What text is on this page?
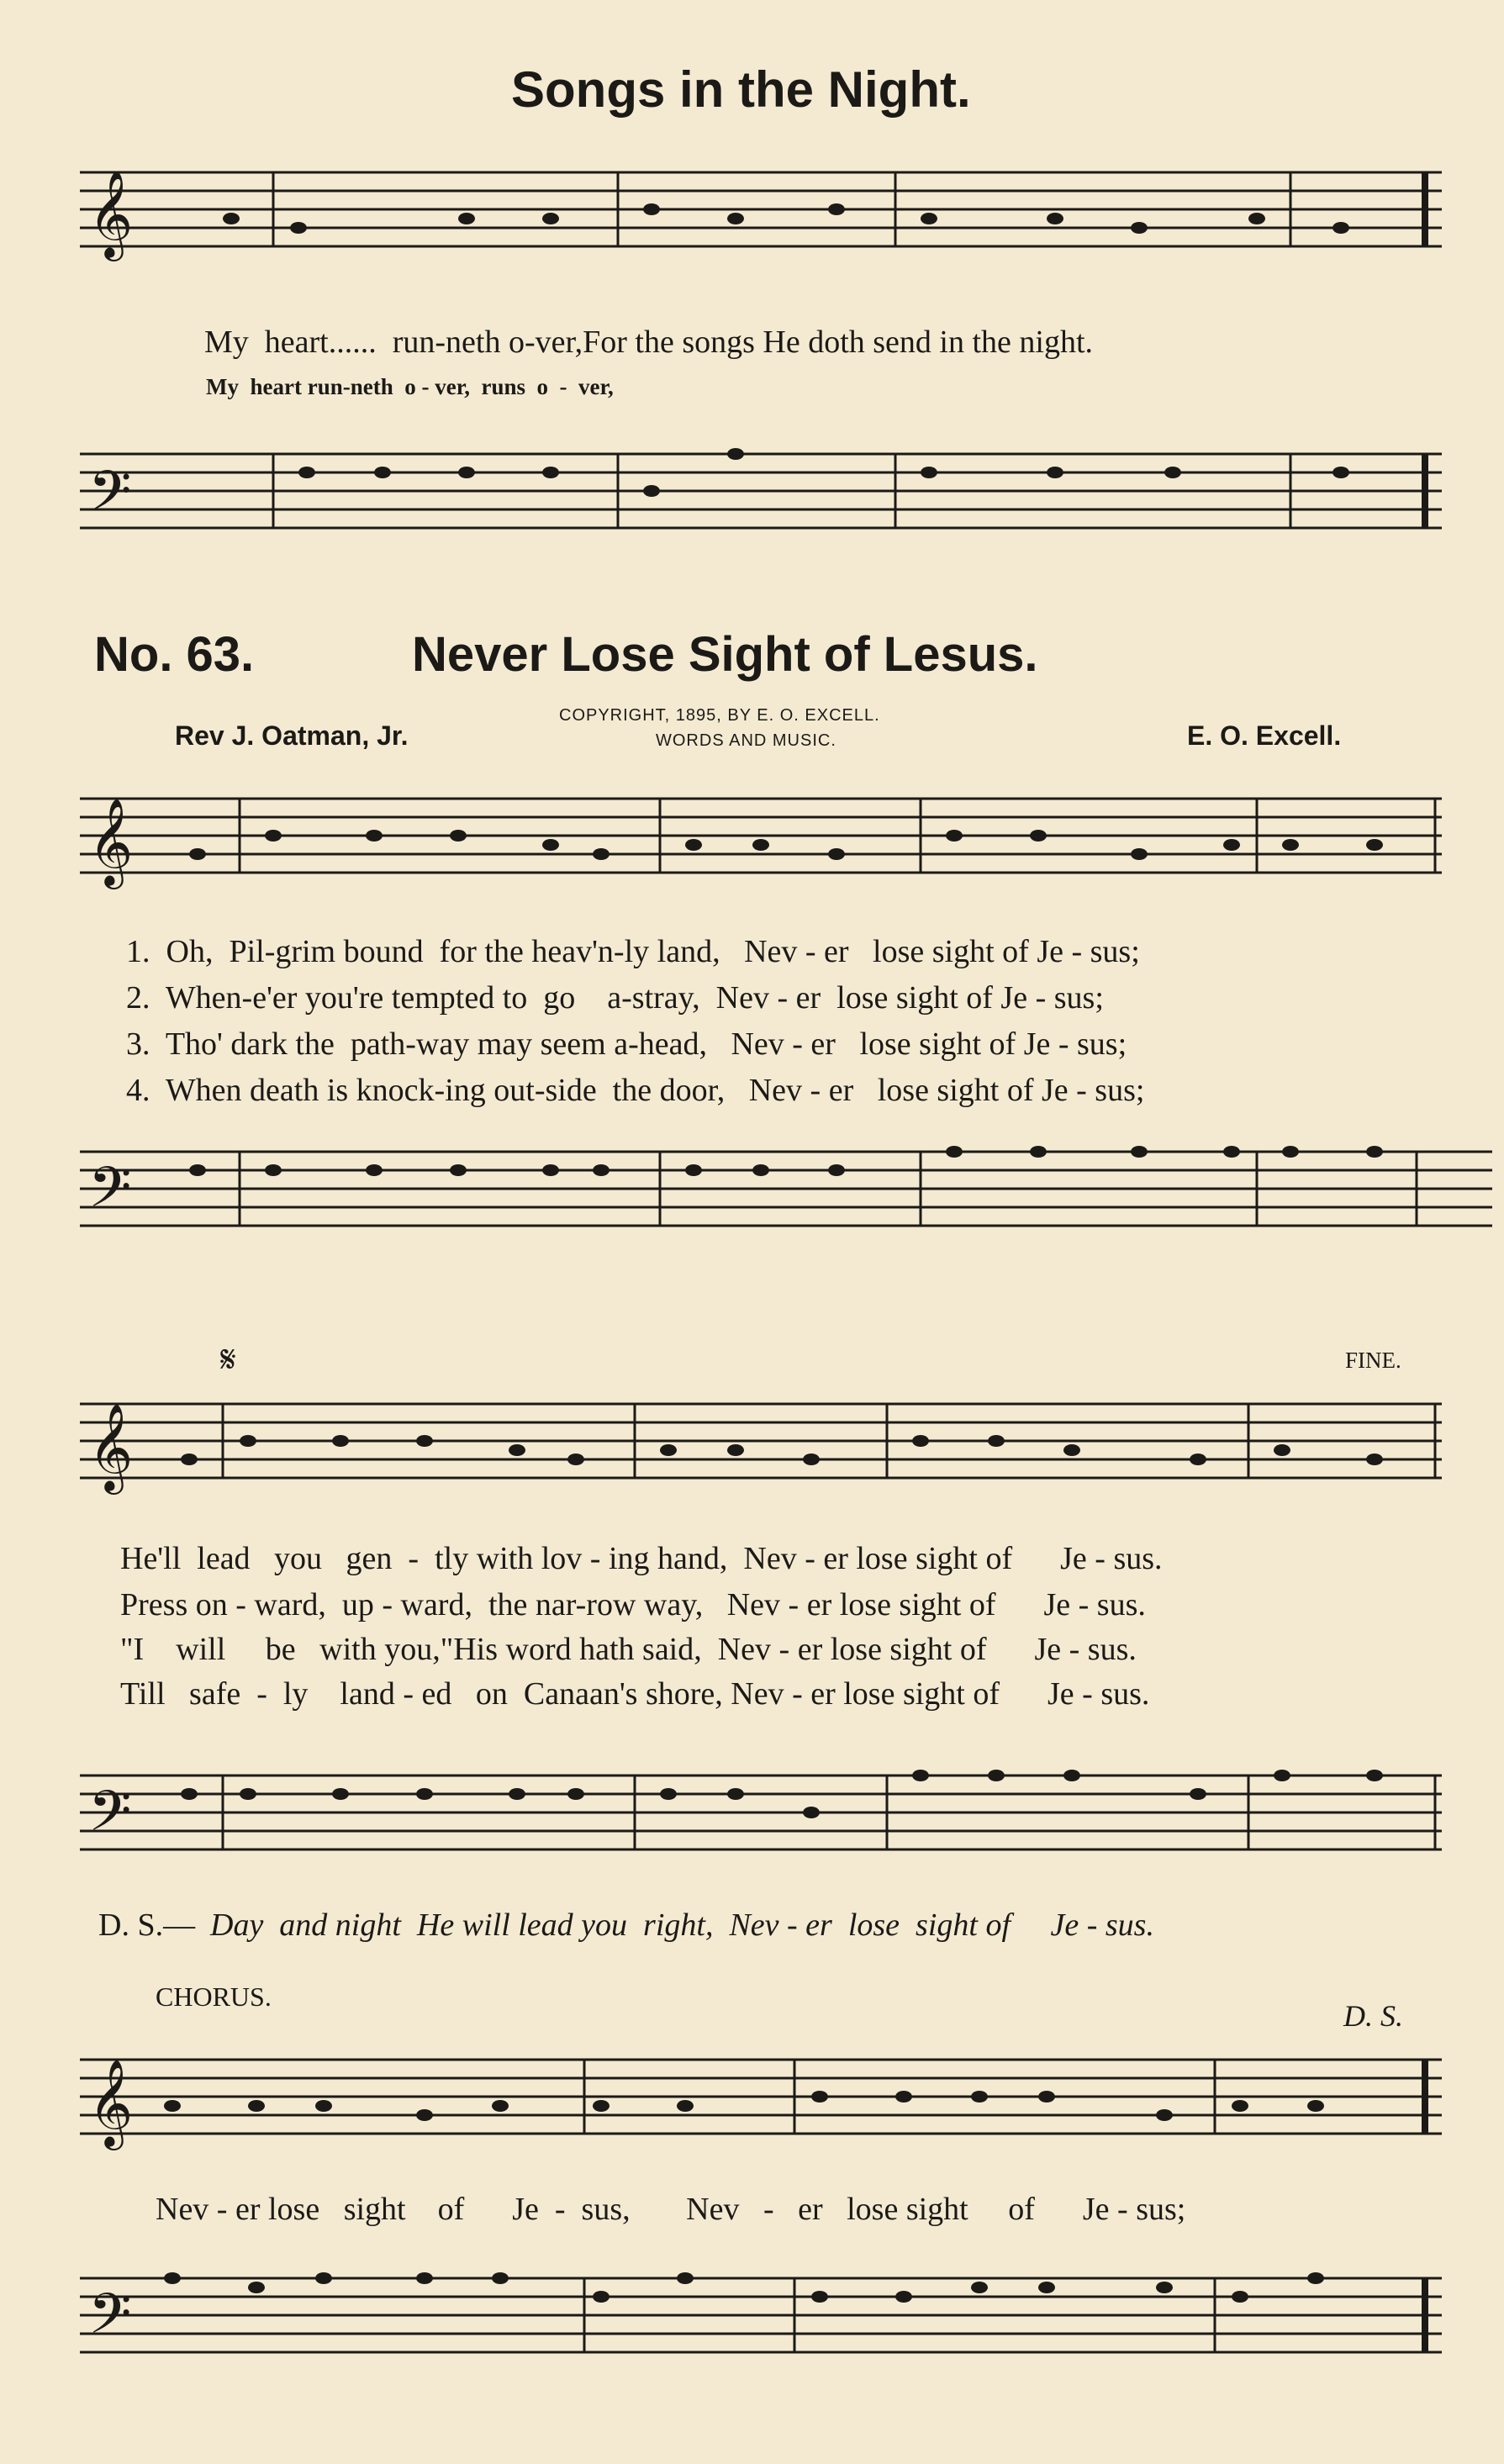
Songs in the Night.
𝄞
My  heart......  run-neth o-ver,For the songs He doth send in the night.
My  heart run-neth  o - ver,  runs  o  -  ver,
𝄢
No. 63.	Never Lose Sight of Lesus.
COPYRIGHT, 1895, BY E. O. EXCELL.
WORDS AND MUSIC.
Rev J. Oatman, Jr.	E. O. Excell.
𝄞
1.  Oh,  Pil-grim bound  for the heav'n-ly land,   Nev - er   lose sight of Je - sus;
2.  When-e'er you're tempted to  go    a-stray,  Nev - er  lose sight of Je - sus;
3.  Tho' dark the  path-way may seem a-head,   Nev - er   lose sight of Je - sus;
4.  When death is knock-ing out-side  the door,   Nev - er   lose sight of Je - sus;
𝄢
𝄋	FINE.
𝄞
He'll  lead   you   gen  -  tly with lov - ing hand,  Nev - er lose sight of      Je - sus.
Press on - ward,  up - ward,  the nar-row way,   Nev - er lose sight of      Je - sus.
"I    will     be   with you,"His word hath said,  Nev - er lose sight of      Je - sus.
Till   safe  -  ly    land - ed   on  Canaan's shore, Nev - er lose sight of      Je - sus.
𝄢
D. S.— Day  and night  He will lead you  right,  Nev - er  lose  sight of     Je - sus.
CHORUS.
D. S.
𝄞
Nev - er lose   sight    of      Je  -  sus,       Nev   -   er   lose sight     of      Je - sus;
𝄢
